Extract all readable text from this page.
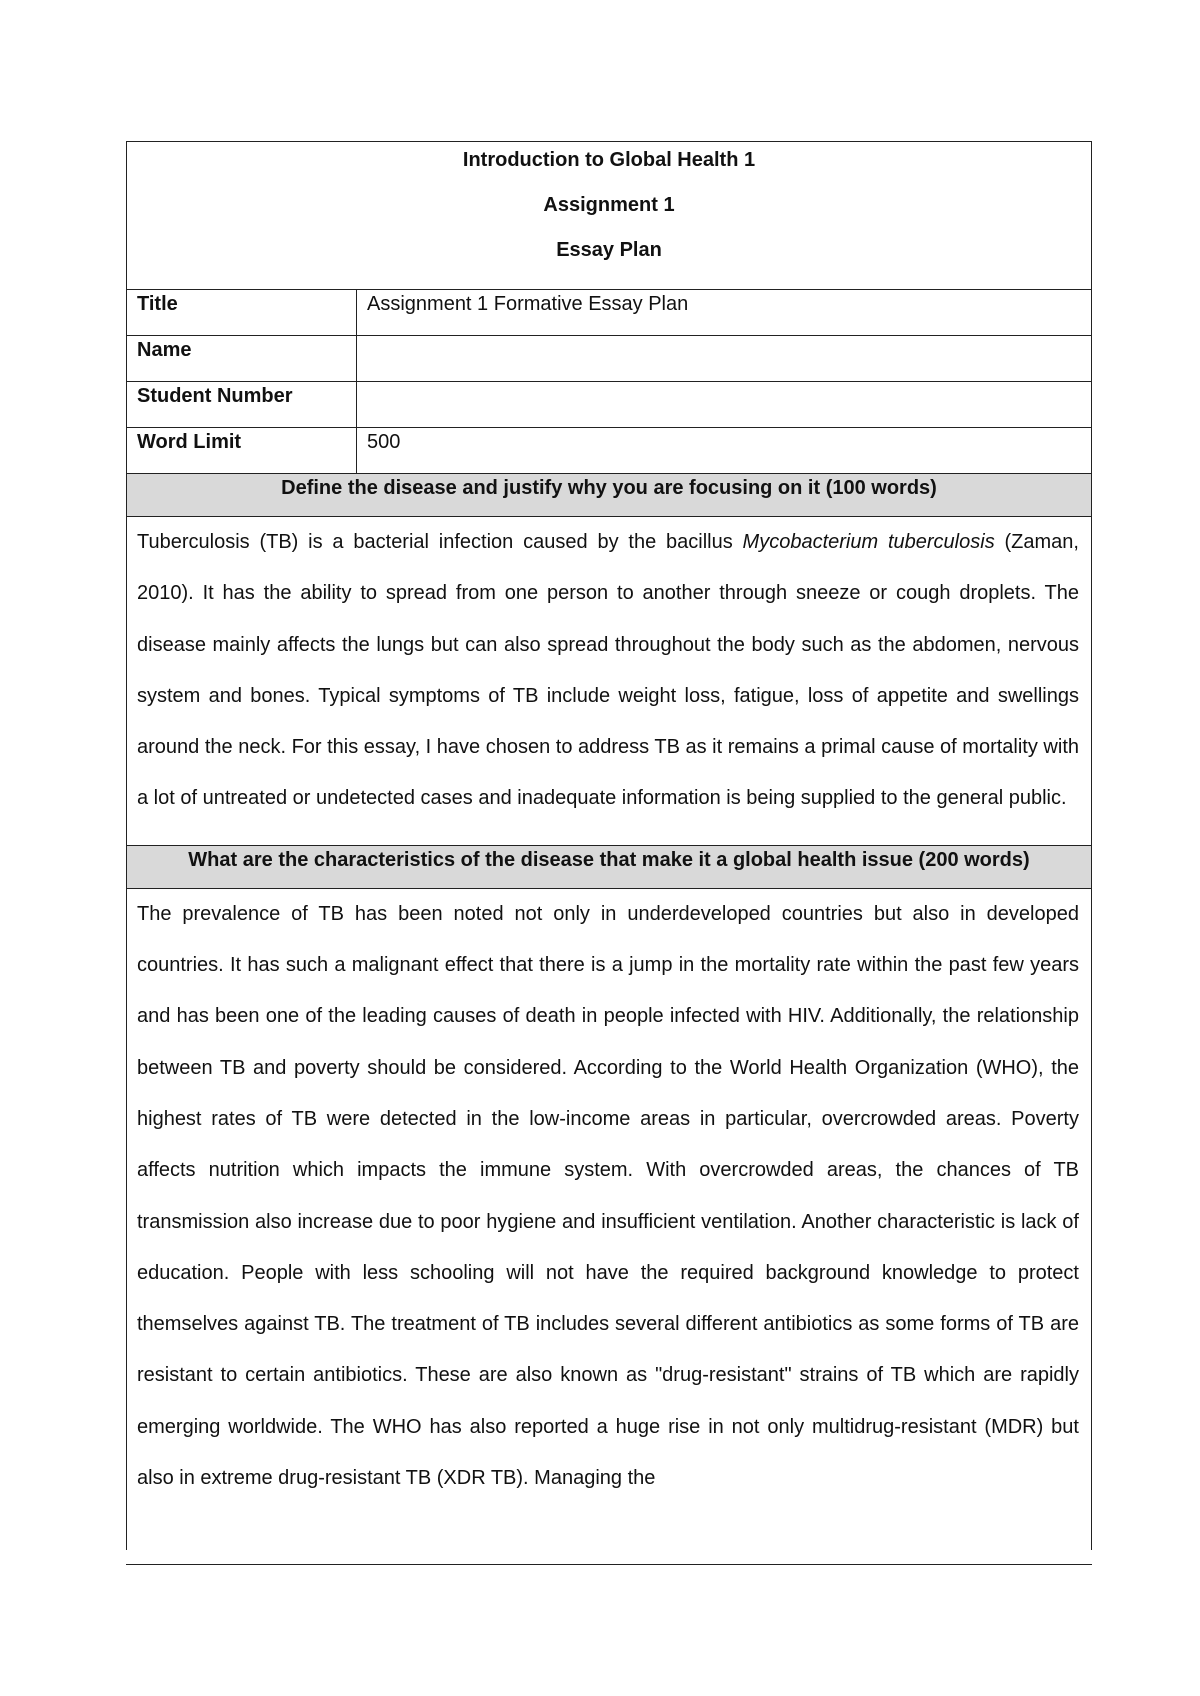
Introduction to Global Health 1
Assignment 1
Essay Plan
Title	Assignment 1 Formative Essay Plan
Name
Student Number
Word Limit	500
Define the disease and justify why you are focusing on it (100 words)

Tuberculosis (TB) is a bacterial infection caused by the bacillus Mycobacterium tuberculosis (Zaman, 2010). It has the ability to spread from one person to another through sneeze or cough droplets. The disease mainly affects the lungs but can also spread throughout the body such as the abdomen, nervous system and bones. Typical symptoms of TB include weight loss, fatigue, loss of appetite and swellings around the neck. For this essay, I have chosen to address TB as it remains a primal cause of mortality with a lot of untreated or undetected cases and inadequate information is being supplied to the general public.

What are the characteristics of the disease that make it a global health issue (200 words)

The prevalence of TB has been noted not only in underdeveloped countries but also in developed countries. It has such a malignant effect that there is a jump in the mortality rate within the past few years and has been one of the leading causes of death in people infected with HIV. Additionally, the relationship between TB and poverty should be considered. According to the World Health Organization (WHO), the highest rates of TB were detected in the low-income areas in particular, overcrowded areas. Poverty affects nutrition which impacts the immune system. With overcrowded areas, the chances of TB transmission also increase due to poor hygiene and insufficient ventilation. Another characteristic is lack of education. People with less schooling will not have the required background knowledge to protect themselves against TB. The treatment of TB includes several different antibiotics as some forms of TB are resistant to certain antibiotics. These are also known as "drug-resistant" strains of TB which are rapidly emerging worldwide. The WHO has also reported a huge rise in not only multidrug-resistant (MDR) but also in extreme drug-resistant TB (XDR TB). Managing the
